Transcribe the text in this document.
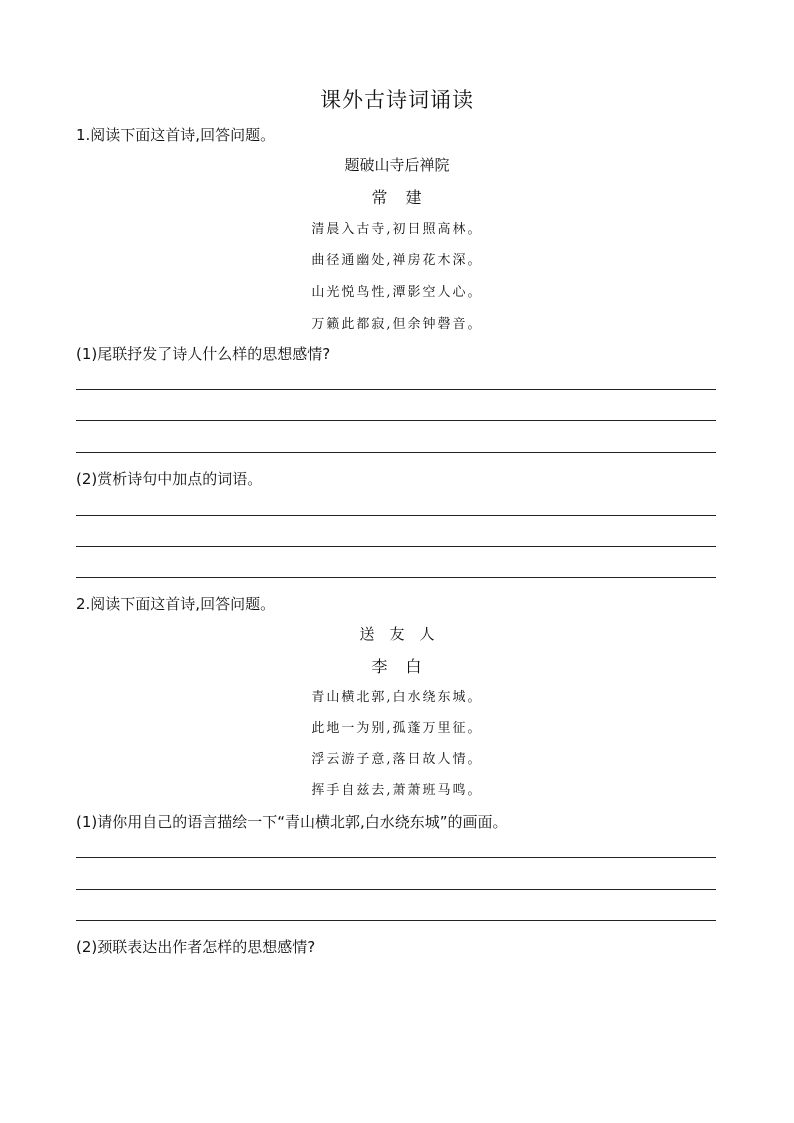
课外古诗词诵读
1.阅读下面这首诗,回答问题。
题破山寺后禅院
常　建
清晨入古寺,初日照高林。
曲径通幽处,禅房花木深。
山光悦鸟性,潭影空人心。
万籁此都寂,但余钟磬音。
(1)尾联抒发了诗人什么样的思想感情?
(2)赏析诗句中加点的词语。
2.阅读下面这首诗,回答问题。
送　友　人
李　白
青山横北郭,白水绕东城。
此地一为别,孤蓬万里征。
浮云游子意,落日故人情。
挥手自兹去,萧萧班马鸣。
(1)请你用自己的语言描绘一下“青山横北郭,白水绕东城”的画面。
(2)颈联表达出作者怎样的思想感情?
